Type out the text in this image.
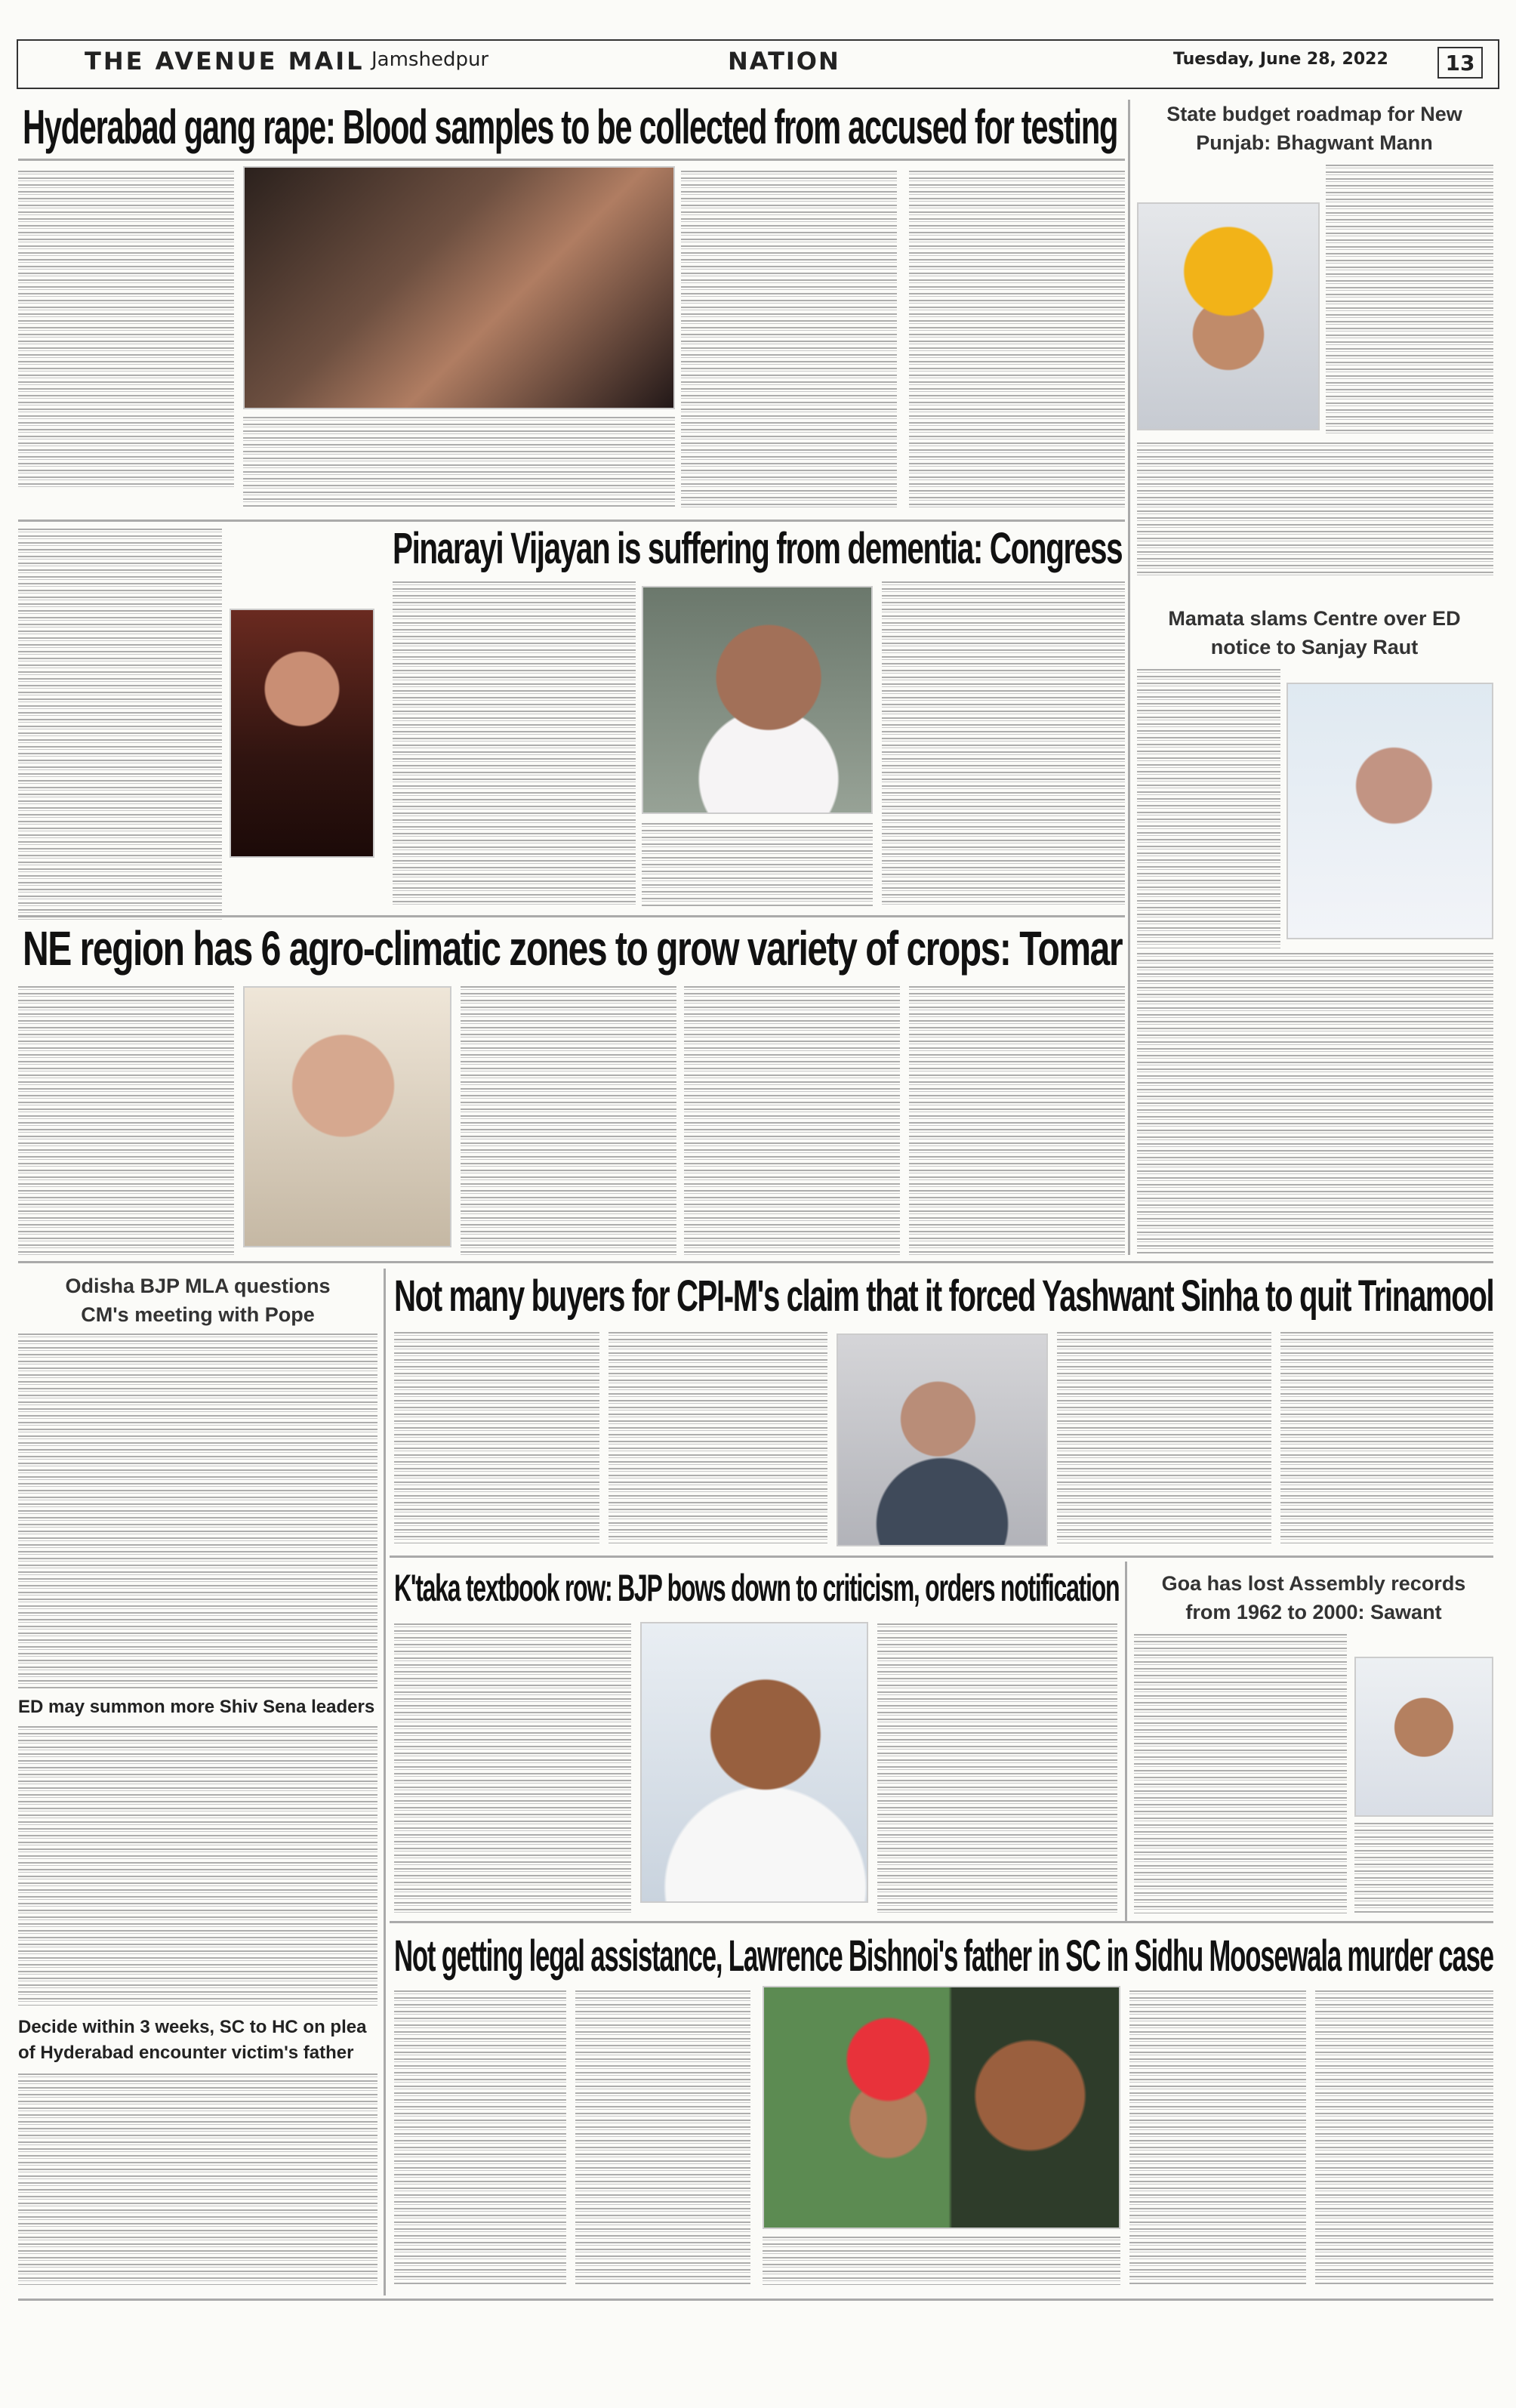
THE AVENUE MAIL Jamshedpur	NATION	Tuesday, June 28, 2022	13
Hyderabad gang rape: Blood samples to be collected from accused for testing	State budget roadmap for New
Punjab: Bhagwant Mann
Pinarayi Vijayan is suffering from dementia: Congress
Mamata slams Centre over ED
notice to Sanjay Raut
NE region has 6 agro-climatic zones to grow variety of crops: Tomar
Odisha BJP MLA questions
CM's meeting with Pope
ED may summon more Shiv Sena leaders
Decide within 3 weeks, SC to HC on plea
of Hyderabad encounter victim's father
Not many buyers for CPI-M's claim that it forced Yashwant Sinha to quit Trinamool
K'taka textbook row: BJP bows down to criticism, orders notification	Goa has lost Assembly records
from 1962 to 2000: Sawant
Not getting legal assistance, Lawrence Bishnoi's father in SC in Sidhu Moosewala murder case
